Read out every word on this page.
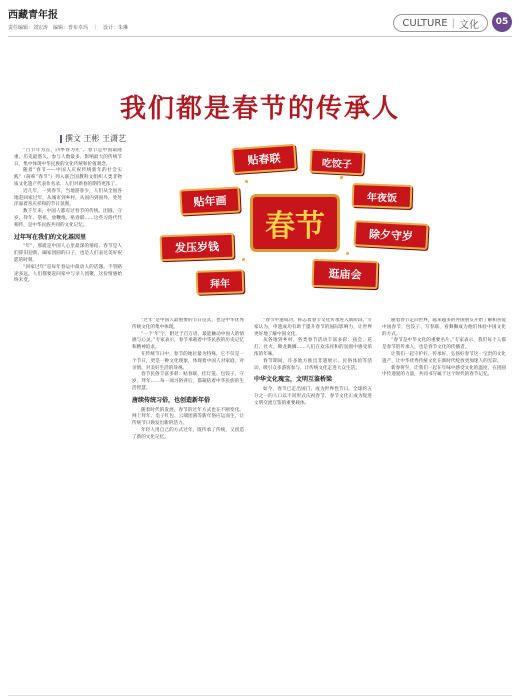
西藏青年报
责任编辑：刘宏涛　编辑：普布卓玛　｜　设计：朱琳	CULTURE | 文化	05
撰文 王彬 王潇艺
我们都是春节的传承人
贴春联	吃饺子
贴年画	年夜饭
春节
发压岁钱
除夕守岁
拜年
逛庙会

“百节年为首，四季春为先”。春节是中国最隆重、历史最悠久、参与人数最多、影响最大的传统节日，集中体现中华民族的文化传统和价值观念。

随着“春节——中国人庆祝传统新年的社会实践”（简称“春节”）列入联合国教科文组织人类非物质文化遗产代表作名录，人们对新春的期待更浓了。

近几年，一到春节，当地游客少，人们从全国各地赶回家过年，从城市到乡村，从国内到国外，处处洋溢着喜庆祥和的节日氛围。

数千年来，中国人都有过春节的传统。团圆、守岁、拜年、祭祖、放鞭炮、贴春联……这些习俗代代相传，是中华民族共同的文化记忆。

过年写在我们的文化基因里

“年”，那就是中国人心里最深的情结。春节是人们辞旧迎新、阖家团圆的日子，也是人们表达美好祝愿的时刻。

“回家过年”是每年春运中最动人的话题。不管路途多远，人们都要赶回家中与亲人团聚，这份情感始终未变。

“过年”是中国人最重要的节日仪式，也是中华优秀传统文化的集中体现。

“一个‘年’字，附过于百万语，最能触动中国人的情感与心灵。”专家表示，春节承载着中华民族的历史记忆和精神追求。

在传统节日中，春节的地位最为特殊。它不仅是一个节日，更是一种文化现象，体现着中国人对家庭、对亲情、对美好生活的珍视。

春节民俗丰富多彩：贴春联、挂灯笼、包饺子、守岁、拜年……每一项习俗背后，都凝结着中华民族的生活智慧。

唐续传统习俗，也创造新年俗

随着时代的发展，春节的过年方式也在不断变化。网上拜年、电子红包、云端团圆等新年俗应运而生，让传统节日焕发出新的活力。

年轻人用自己的方式过年，既传承了传统，又创造了新的文化记忆。

“春节申遗成功，标志着春节文化传承进入新阶段。”专家认为，申遗成功有助于提升春节的国际影响力，让世界更好地了解中国文化。

从各地到乡村，各类春节活动丰富多彩：庙会、花灯、社火、舞龙舞狮……人们在欢乐祥和的氛围中感受浓浓的年味。

春节期间，许多地方推出非遗展示、民俗体验等活动，吸引众多游客参与，让传统文化走进大众生活。

中华文化瑰宝，文明互鉴桥梁

如今，春节已走出国门，成为世界性节日。全球约五分之一的人口以不同形式庆祝春节，春节文化正成为促进文明交流互鉴的重要载体。

随着春节走向世界，越来越多的外国朋友开始了解和喜爱中国春节，包饺子、写春联、看舞狮成为他们体验中国文化的方式。

“春节是中华文化的重要名片。”专家表示，我们每个人都是春节的传承人，也是春节文化的传播者。

让我们一起守护好、传承好、弘扬好春节这一宝贵的文化遗产，让中华优秀传统文化在新时代绽放更加迷人的光彩。

新春将至，让我们一起在年味中感受文化的温度，在团圆中传递爱的力量，共同书写属于这个时代的春节记忆。
